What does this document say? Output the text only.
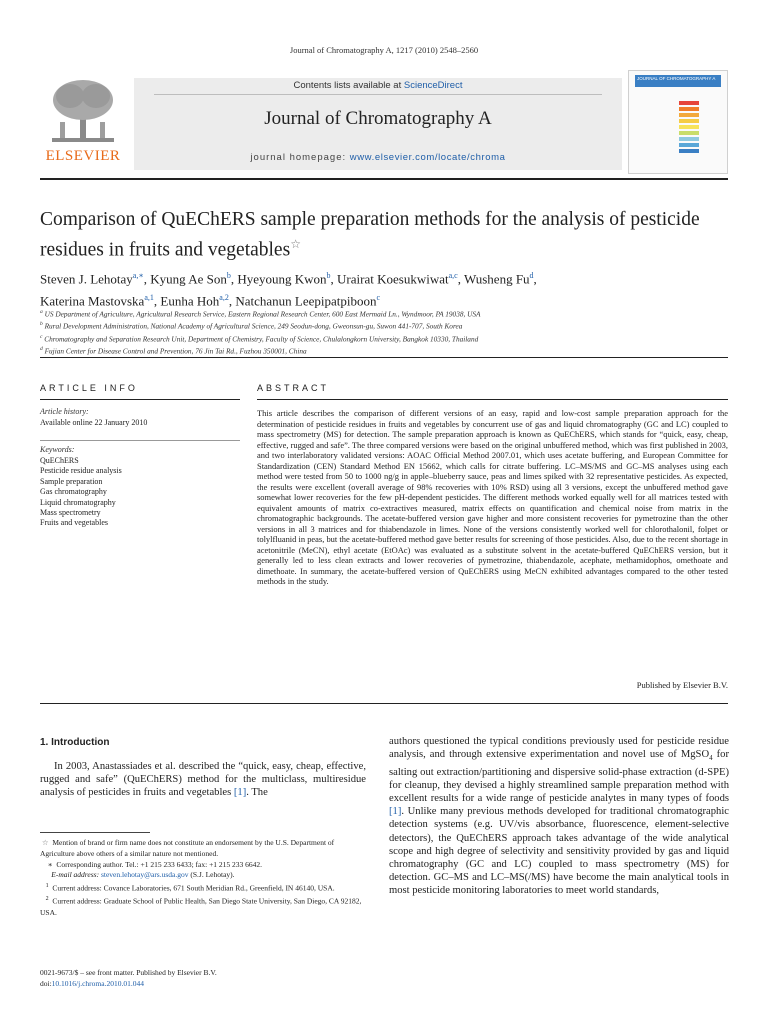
Journal of Chromatography A, 1217 (2010) 2548–2560
ELSEVIER
Contents lists available at ScienceDirect
Journal of Chromatography A
journal homepage: www.elsevier.com/locate/chroma
JOURNAL OF CHROMATOGRAPHY A
Comparison of QuEChERS sample preparation methods for the analysis of pesticide residues in fruits and vegetables☆
Steven J. Lehotay$^{a,∗}$, Kyung Ae Son$^b$, Hyeyoung Kwon$^b$, Urairat Koesukwiwat$^{a,c}$, Wusheng Fu$^d$,
Katerina Mastovska$^{a,1}$, Eunha Hoh$^{a,2}$, Natchanun Leepipatpiboon$^c$
$^a$ US Department of Agriculture, Agricultural Research Service, Eastern Regional Research Center, 600 East Mermaid Ln., Wyndmoor, PA 19038, USA
$^b$ Rural Development Administration, National Academy of Agricultural Science, 249 Seodun-dong, Gweonsun-gu, Suwon 441-707, South Korea
$^c$ Chromatography and Separation Research Unit, Department of Chemistry, Faculty of Science, Chulalongkorn University, Bangkok 10330, Thailand
$^d$ Fujian Center for Disease Control and Prevention, 76 Jin Tai Rd., Fuzhou 350001, China
ARTICLE INFO	ABSTRACT
Article history:
Available online 22 January 2010
Keywords:
QuEChERS
Pesticide residue analysis
Sample preparation
Gas chromatography
Liquid chromatography
Mass spectrometry
Fruits and vegetables
This article describes the comparison of different versions of an easy, rapid and low-cost sample preparation approach for the determination of pesticide residues in fruits and vegetables by concurrent use of gas and liquid chromatography (GC and LC) coupled to mass spectrometry (MS) for detection. The sample preparation approach is known as QuEChERS, which stands for “quick, easy, cheap, effective, rugged and safe”. The three compared versions were based on the original unbuffered method, which was first published in 2003, and two interlaboratory validated versions: AOAC Official Method 2007.01, which uses acetate buffering, and European Committee for Standardization (CEN) Standard Method EN 15662, which calls for citrate buffering. LC–MS/MS and GC–MS analyses using each method were tested from 50 to 1000 ng/g in apple–blueberry sauce, peas and limes spiked with 32 representative pesticides. As expected, the results were excellent (overall average of 98% recoveries with 10% RSD) using all 3 versions, except the unbuffered method gave somewhat lower recoveries for the few pH-dependent pesticides. The different methods worked equally well for all matrices tested with equivalent amounts of matrix co-extractives measured, matrix effects on quantification and chemical noise from matrix in the chromatographic backgrounds. The acetate-buffered version gave higher and more consistent recoveries for pymetrozine than the other versions in all 3 matrices and for thiabendazole in limes. None of the versions consistently worked well for chlorothalonil, folpet or tolylfluanid in peas, but the acetate-buffered method gave better results for screening of those pesticides. Also, due to the recent shortage in acetonitrile (MeCN), ethyl acetate (EtOAc) was evaluated as a substitute solvent in the acetate-buffered QuEChERS version, but it generally led to less clean extracts and lower recoveries of pymetrozine, thiabendazole, acephate, methamidophos, omethoate and dimethoate. In summary, the acetate-buffered version of QuEChERS using MeCN exhibited advantages compared to the other tested methods in the study.
Published by Elsevier B.V.
1. Introduction
In 2003, Anastassiades et al. described the “quick, easy, cheap, effective, rugged and safe” (QuEChERS) method for the multiclass, multiresidue analysis of pesticides in fruits and vegetables [1]. The
☆ Mention of brand or firm name does not constitute an endorsement by the U.S. Department of Agriculture above others of a similar nature not mentioned.
∗ Corresponding author. Tel.: +1 215 233 6433; fax: +1 215 233 6642.
E-mail address: steven.lehotay@ars.usda.gov (S.J. Lehotay).
$^1$ Current address: Covance Laboratories, 671 South Meridian Rd., Greenfield, IN 46140, USA.
$^2$ Current address: Graduate School of Public Health, San Diego State University, San Diego, CA 92182, USA.
0021-9673/$ – see front matter. Published by Elsevier B.V.
doi:10.1016/j.chroma.2010.01.044
authors questioned the typical conditions previously used for pesticide residue analysis, and through extensive experimentation and novel use of MgSO$_4$ for salting out extraction/partitioning and dispersive solid-phase extraction (d-SPE) for cleanup, they devised a highly streamlined sample preparation method with excellent results for a wide range of pesticide analytes in many types of foods [1]. Unlike many previous methods developed for traditional chromatographic detection systems (e.g. UV/vis absorbance, fluorescence, element-selective detectors), the QuEChERS approach takes advantage of the wide analytical scope and high degree of selectivity and sensitivity provided by gas and liquid chromatography (GC and LC) coupled to mass spectrometry (MS) for detection. GC–MS and LC–MS(/MS) have become the main analytical tools in most pesticide monitoring laboratories to meet world standards,
